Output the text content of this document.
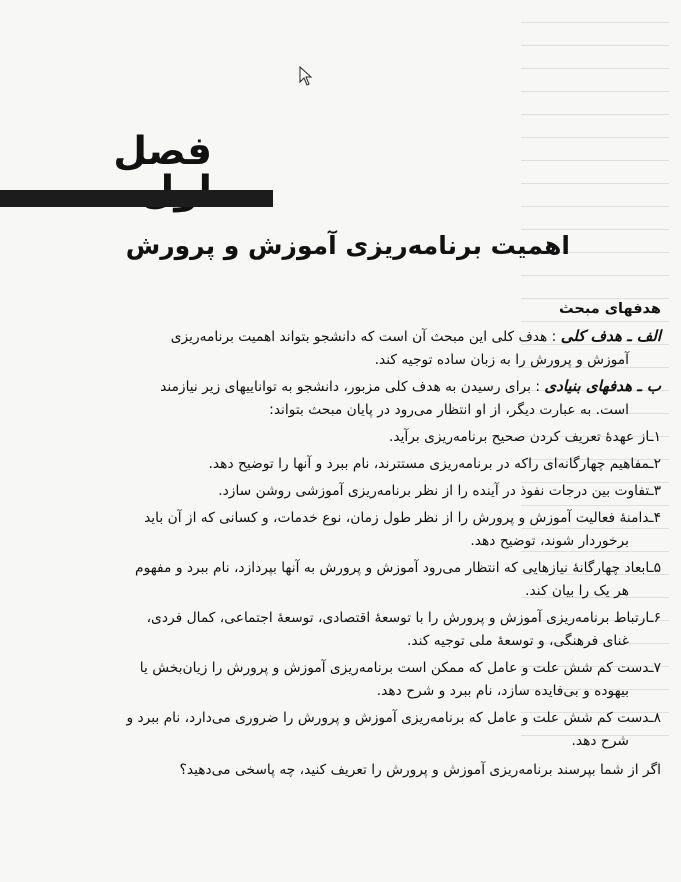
فصل
اهمیت برنامه‌ریزی آموزش و پرورش
هدفهای مبحث
الف ـ هدف کلی : هدف کلی این مبحث آن است که دانشجو بتواند اهمیت برنامه‌ریزی
آموزش و پرورش را به زبان ساده توجیه کند.
ب ـ هدفهای بنیادی : برای رسیدن به هدف کلی مزبور، دانشجو به تواناییهای زیر نیازمند
است. به عبارت دیگر، از او انتظار می‌رود در پایان مبحث بتواند:
۱ـاز عهدهٔ تعریف کردن صحیح برنامه‌ریزی برآید.
۲ـمفاهیم چهارگانه‌ای راکه در برنامه‌ریزی مستترند، نام ببرد و آنها را توضیح دهد.
۳ـتفاوت بین درجات نفوذ در آینده را از نظر برنامه‌ریزی آموزشی روشن سازد.
۴ـدامنهٔ فعالیت آموزش و پرورش را از نظر طول زمان، نوع خدمات، و کسانی که از آن باید
برخوردار شوند، توضیح دهد.
۵ـابعاد چهارگانهٔ نیازهایی که انتظار می‌رود آموزش و پرورش به آنها بپردازد، نام ببرد و مفهوم
هر یک را بیان کند.
۶ـارتباط برنامه‌ریزی آموزش و پرورش را با توسعهٔ اقتصادی، توسعهٔ اجتماعی، کمال فردی،
غنای فرهنگی، و توسعهٔ ملی توجیه کند.
۷ـدست کم شش علت و عامل که ممکن است برنامه‌ریزی آموزش و پرورش را زیان‌بخش یا
بیهوده و بی‌فایده سازد، نام ببرد و شرح دهد.
۸ـدست کم شش علت و عامل که برنامه‌ریزی آموزش و پرورش را ضروری می‌دارد، نام ببرد و
شرح دهد.
اگر از شما بپرسند برنامه‌ریزی آموزش و پرورش را تعریف کنید، چه پاسخی می‌دهید؟
